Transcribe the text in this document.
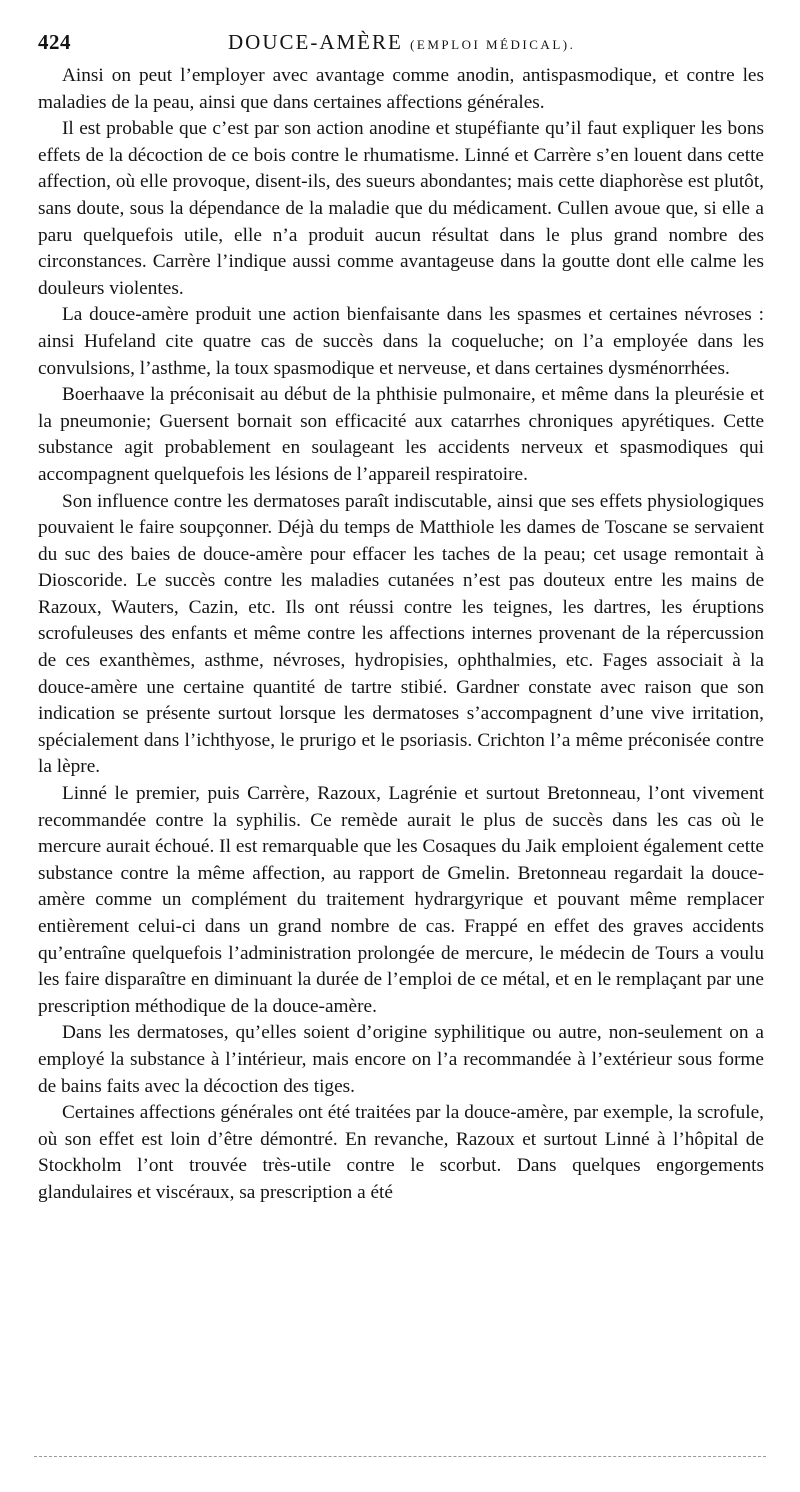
424	DOUCE-AMÈRE (EMPLOI MÉDICAL).

Ainsi on peut l’employer avec avantage comme anodin, antispasmodique, et contre les maladies de la peau, ainsi que dans certaines affections générales.

Il est probable que c’est par son action anodine et stupéfiante qu’il faut expliquer les bons effets de la décoction de ce bois contre le rhumatisme. Linné et Carrère s’en louent dans cette affection, où elle provoque, disent-ils, des sueurs abondantes; mais cette diaphorèse est plutôt, sans doute, sous la dépendance de la maladie que du médicament. Cullen avoue que, si elle a paru quelquefois utile, elle n’a produit aucun résultat dans le plus grand nombre des circonstances. Carrère l’indique aussi comme avantageuse dans la goutte dont elle calme les douleurs violentes.

La douce-amère produit une action bienfaisante dans les spasmes et certaines névroses : ainsi Hufeland cite quatre cas de succès dans la coqueluche; on l’a employée dans les convulsions, l’asthme, la toux spasmodique et nerveuse, et dans certaines dysménorrhées.

Boerhaave la préconisait au début de la phthisie pulmonaire, et même dans la pleurésie et la pneumonie; Guersent bornait son efficacité aux catarrhes chroniques apyrétiques. Cette substance agit probablement en soulageant les accidents nerveux et spasmodiques qui accompagnent quelquefois les lésions de l’appareil respiratoire.

Son influence contre les dermatoses paraît indiscutable, ainsi que ses effets physiologiques pouvaient le faire soupçonner. Déjà du temps de Matthiole les dames de Toscane se servaient du suc des baies de douce-amère pour effacer les taches de la peau; cet usage remontait à Dioscoride. Le succès contre les maladies cutanées n’est pas douteux entre les mains de Razoux, Wauters, Cazin, etc. Ils ont réussi contre les teignes, les dartres, les éruptions scrofuleuses des enfants et même contre les affections internes provenant de la répercussion de ces exanthèmes, asthme, névroses, hydropisies, ophthalmies, etc. Fages associait à la douce-amère une certaine quantité de tartre stibié. Gardner constate avec raison que son indication se présente surtout lorsque les dermatoses s’accompagnent d’une vive irritation, spécialement dans l’ichthyose, le prurigo et le psoriasis. Crichton l’a même préconisée contre la lèpre.

Linné le premier, puis Carrère, Razoux, Lagrénie et surtout Bretonneau, l’ont vivement recommandée contre la syphilis. Ce remède aurait le plus de succès dans les cas où le mercure aurait échoué. Il est remarquable que les Cosaques du Jaik emploient également cette substance contre la même affection, au rapport de Gmelin. Bretonneau regardait la douce-amère comme un complément du traitement hydrargyrique et pouvant même remplacer entièrement celui-ci dans un grand nombre de cas. Frappé en effet des graves accidents qu’entraîne quelquefois l’administration prolongée de mercure, le médecin de Tours a voulu les faire disparaître en diminuant la durée de l’emploi de ce métal, et en le remplaçant par une prescription méthodique de la douce-amère.

Dans les dermatoses, qu’elles soient d’origine syphilitique ou autre, non-seulement on a employé la substance à l’intérieur, mais encore on l’a recommandée à l’extérieur sous forme de bains faits avec la décoction des tiges.

Certaines affections générales ont été traitées par la douce-amère, par exemple, la scrofule, où son effet est loin d’être démontré. En revanche, Razoux et surtout Linné à l’hôpital de Stockholm l’ont trouvée très-utile contre le scorbut. Dans quelques engorgements glandulaires et viscéraux, sa prescription a été
